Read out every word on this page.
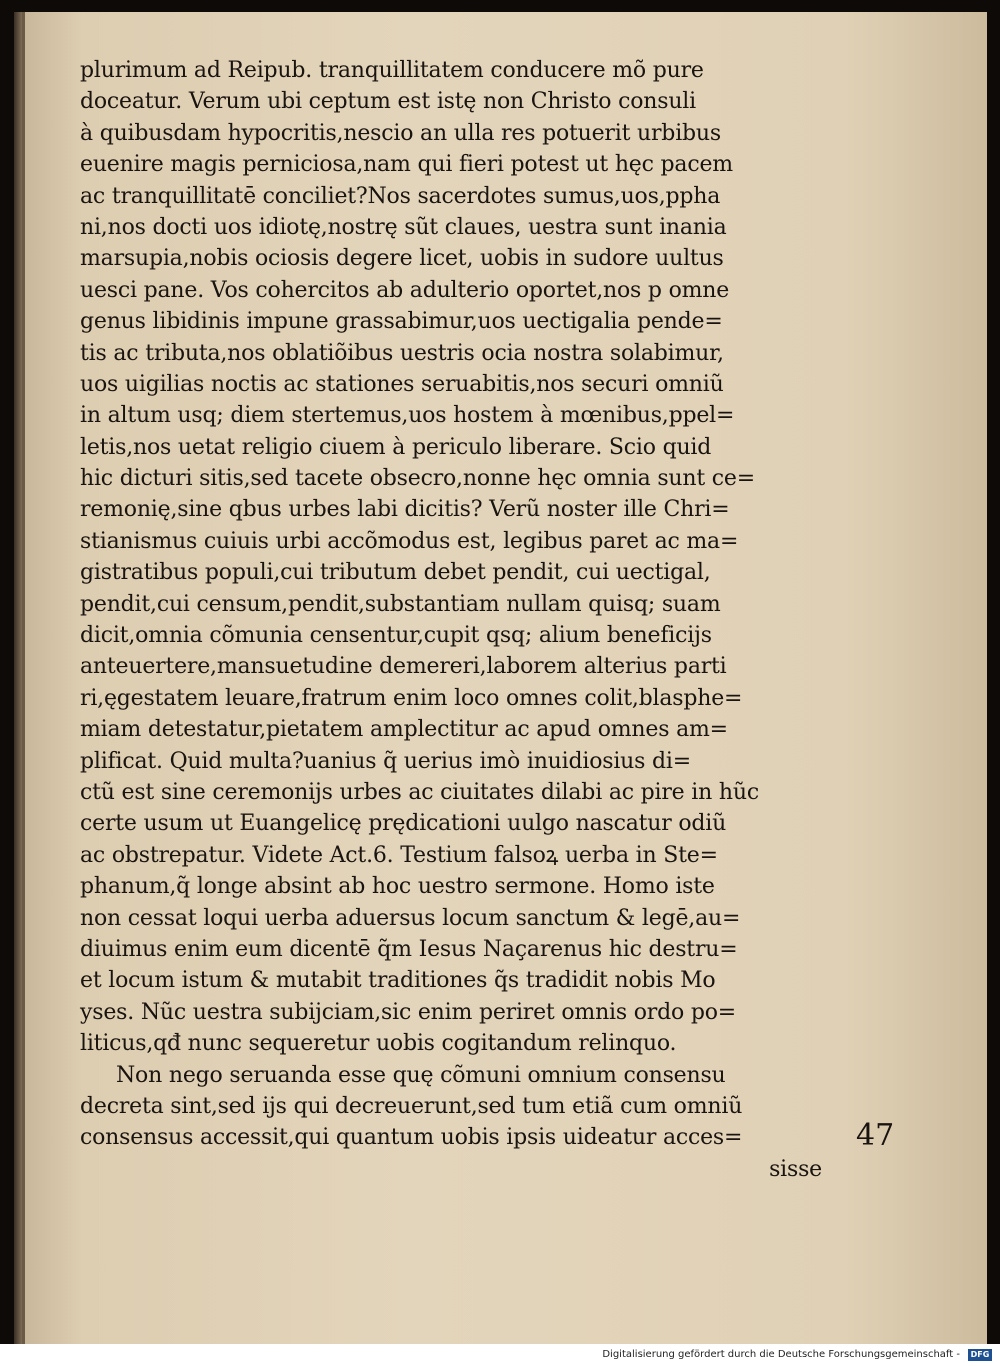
plurimum ad Reipub. tranquillitatem conducere mõ pure
doceatur. Verum ubi ceptum est istę non Christo consuli
à quibusdam hypocritis,nescio an ulla res potuerit urbibus
euenire magis perniciosa,nam qui fieri potest ut hęc pacem
ac tranquillitatē conciliet?Nos sacerdotes sumus,uos,ppha
ni,nos docti uos idiotę,nostrę sũt claues, uestra sunt inania
marsupia,nobis ociosis degere licet, uobis in sudore uultus
uesci pane. Vos cohercitos ab adulterio oportet,nos p omne
genus libidinis impune grassabimur,uos uectigalia pende=
tis ac tributa,nos oblatiõibus uestris ocia nostra solabimur,
uos uigilias noctis ac stationes seruabitis,nos securi omniũ
in altum usq; diem stertemus,uos hostem à mœnibus,ppel=
letis,nos uetat religio ciuem à periculo liberare. Scio quid
hic dicturi sitis,sed tacete obsecro,nonne hęc omnia sunt ce=
remonię,sine qbus urbes labi dicitis? Verũ noster ille Chri=
stianismus cuiuis urbi accõmodus est, legibus paret ac ma=
gistratibus populi,cui tributum debet pendit, cui uectigal,
pendit,cui censum,pendit,substantiam nullam quisq; suam
dicit,omnia cõmunia censentur,cupit qsq; alium beneficijs
anteuertere,mansuetudine demereri,laborem alterius parti
ri,ęgestatem leuare,fratrum enim loco omnes colit,blasphe=
miam detestatur,pietatem amplectitur ac apud omnes am=
plificat. Quid multa?uanius q̃ uerius imò inuidiosius di=
ctũ est sine ceremonijs urbes ac ciuitates dilabi ac pire in hũc
certe usum ut Euangelicę prędicationi uulgo nascatur odiũ
ac obstrepatur. Videte Act.6. Testium falsoꝝ uerba in Ste=
phanum,q̃ longe absint ab hoc uestro sermone. Homo iste
non cessat loqui uerba aduersus locum sanctum & legē,au=
diuimus enim eum dicentē q̃m Iesus Naçarenus hic destru=
et locum istum & mutabit traditiones q̃s tradidit nobis Mo
yses. Nũc uestra subijciam,sic enim periret omnis ordo po=
liticus,qđ nunc sequeretur uobis cogitandum relinquo.
Non nego seruanda esse quę cõmuni omnium consensu
decreta sint,sed ijs qui decreuerunt,sed tum etiã cum omniũ
consensus accessit,qui quantum uobis ipsis uideatur acces=
sisse
47
Digitalisierung gefördert durch die Deutsche Forschungsgemeinschaft -	DFG
